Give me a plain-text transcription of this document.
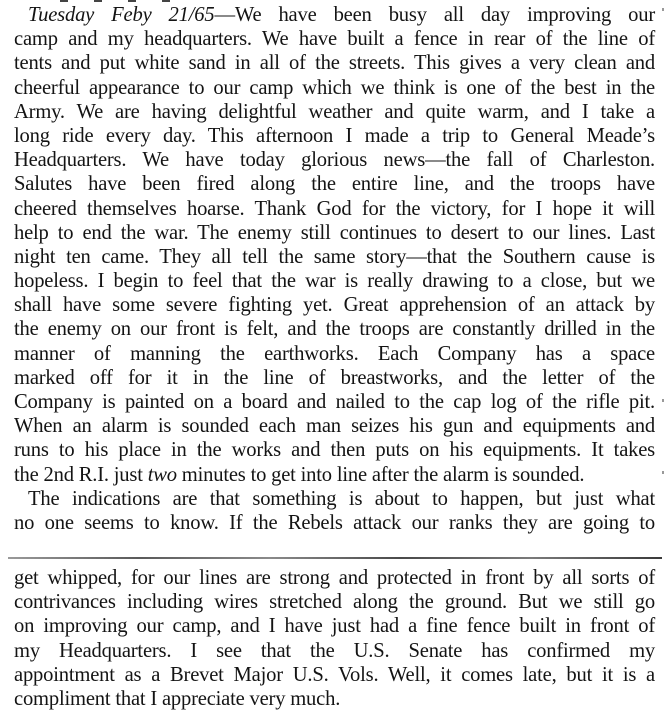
Tuesday Feby 21/65—We have been busy all day improving our
camp and my headquarters. We have built a fence in rear of the line of
tents and put white sand in all of the streets. This gives a very clean and
cheerful appearance to our camp which we think is one of the best in the
Army. We are having delightful weather and quite warm, and I take a
long ride every day. This afternoon I made a trip to General Meade’s
Headquarters. We have today glorious news—the fall of Charleston.
Salutes have been fired along the entire line, and the troops have
cheered themselves hoarse. Thank God for the victory, for I hope it will
help to end the war. The enemy still continues to desert to our lines. Last
night ten came. They all tell the same story—that the Southern cause is
hopeless. I begin to feel that the war is really drawing to a close, but we
shall have some severe fighting yet. Great apprehension of an attack by
the enemy on our front is felt, and the troops are constantly drilled in the
manner of manning the earthworks. Each Company has a space
marked off for it in the line of breastworks, and the letter of the
Company is painted on a board and nailed to the cap log of the rifle pit.
When an alarm is sounded each man seizes his gun and equipments and
runs to his place in the works and then puts on his equipments. It takes
the 2nd R.I. just two minutes to get into line after the alarm is sounded.
The indications are that something is about to happen, but just what
no one seems to know. If the Rebels attack our ranks they are going to
get whipped, for our lines are strong and protected in front by all sorts of
contrivances including wires stretched along the ground. But we still go
on improving our camp, and I have just had a fine fence built in front of
my Headquarters. I see that the U.S. Senate has confirmed my
appointment as a Brevet Major U.S. Vols. Well, it comes late, but it is a
compliment that I appreciate very much.
